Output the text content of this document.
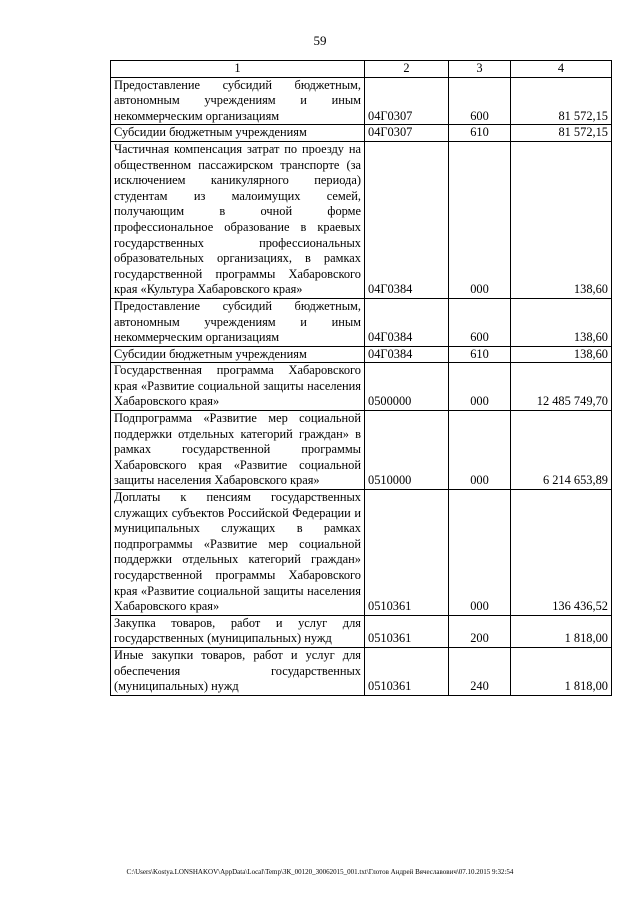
59
1	2	3	4
Предоставление субсидий бюджетным, автономным учреждениям и иным некоммерческим организациям	04Г0307	600	81 572,15
Субсидии бюджетным учреждениям	04Г0307	610	81 572,15
Частичная компенсация затрат по проезду на общественном пассажирском транспорте (за исключением каникулярного периода) студентам из малоимущих семей, получающим в очной форме профессиональное образование в краевых государственных профессиональных образовательных организациях, в рамках государственной программы Хабаровского края «Культура Хабаровского края»	04Г0384	000	138,60
Предоставление субсидий бюджетным, автономным учреждениям и иным некоммерческим организациям	04Г0384	600	138,60
Субсидии бюджетным учреждениям	04Г0384	610	138,60
Государственная программа Хабаровского края «Развитие социальной защиты населения Хабаровского края»	0500000	000	12 485 749,70
Подпрограмма «Развитие мер социальной поддержки отдельных категорий граждан» в рамках государственной программы Хабаровского края «Развитие социальной защиты населения Хабаровского края»	0510000	000	6 214 653,89
Доплаты к пенсиям государственных служащих субъектов Российской Федерации и муниципальных служащих в рамках подпрограммы «Развитие мер социальной поддержки отдельных категорий граждан» государственной программы Хабаровского края «Развитие социальной защиты населения Хабаровского края»	0510361	000	136 436,52
Закупка товаров, работ и услуг для государственных (муниципальных) нужд	0510361	200	1 818,00
Иные закупки товаров, работ и услуг для обеспечения государственных (муниципальных) нужд	0510361	240	1 818,00
C:\Users\Kostya.LONSHAKOV\AppData\Local\Temp\ЗК_00120_30062015_001.txt\Глотов Андрей Вячеславович\07.10.2015 9:32:54
